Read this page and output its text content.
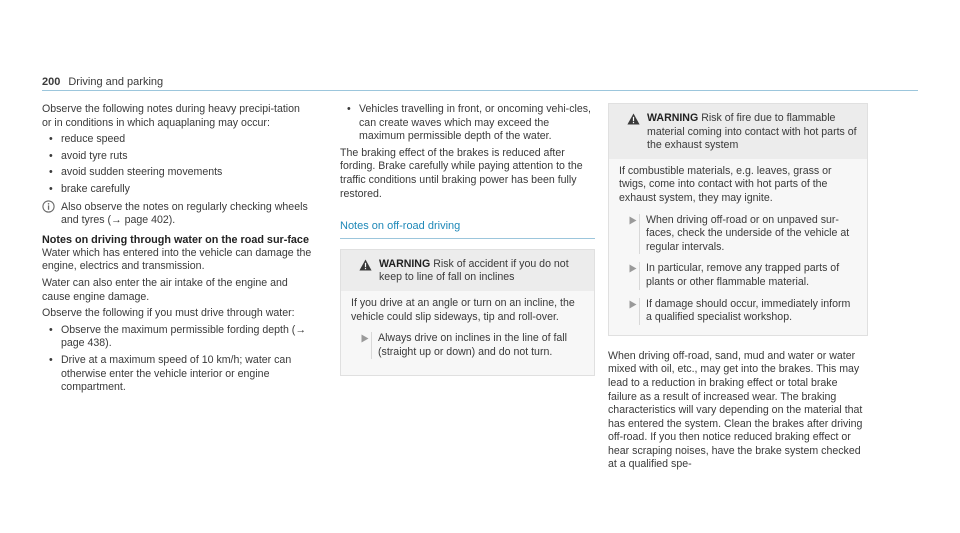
200 Driving and parking

Observe the following notes during heavy precipi-tation or in conditions in which aquaplaning may occur:

• reduce speed
• avoid tyre ruts
• avoid sudden steering movements
• brake carefully
Also observe the notes on regularly checking wheels and tyres (→ page 402).
Notes on driving through water on the road sur-face

Water which has entered into the vehicle can damage the engine, electrics and transmission.

Water can also enter the air intake of the engine and cause engine damage.

Observe the following if you must drive through water:

• Observe the maximum permissible fording depth (→ page 438).
• Drive at a maximum speed of 10 km/h; water can otherwise enter the vehicle interior or engine compartment.
• Vehicles travelling in front, or oncoming vehi-cles, can create waves which may exceed the maximum permissible depth of the water.

The braking effect of the brakes is reduced after fording. Brake carefully while paying attention to the traffic conditions until braking power has been fully restored.

Notes on off-road driving
WARNING Risk of accident if you do not keep to line of fall on inclines

If you drive at an angle or turn on an incline, the vehicle could slip sideways, tip and roll-over.

Always drive on inclines in the line of fall (straight up or down) and do not turn.
WARNING Risk of fire due to flammable material coming into contact with hot parts of the exhaust system

If combustible materials, e.g. leaves, grass or twigs, come into contact with hot parts of the exhaust system, they may ignite.

When driving off-road or on unpaved sur-faces, check the underside of the vehicle at regular intervals.
In particular, remove any trapped parts of plants or other flammable material.
If damage should occur, immediately inform a qualified specialist workshop.

When driving off-road, sand, mud and water or water mixed with oil, etc., may get into the brakes. This may lead to a reduction in braking effect or total brake failure as a result of increased wear. The braking characteristics will vary depending on the material that has entered the system. Clean the brakes after driving off-road. If you then notice reduced braking effect or hear scraping noises, have the brake system checked at a qualified spe-
